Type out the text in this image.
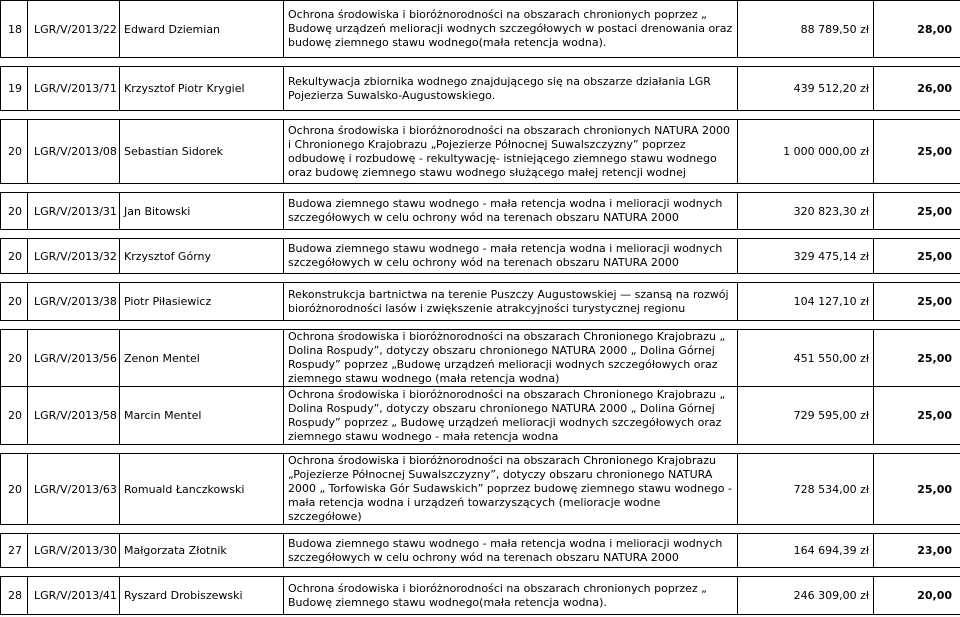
18	LGR/V/2013/22	Edward Dziemian	Ochrona środowiska i bioróżnorodności na obszarach chronionych poprzez „ Budowę urządzeń melioracji wodnych szczegółowych w postaci drenowania oraz budowę ziemnego stawu wodnego(mała retencja wodna).	88 789,50 zł	28,00

19	LGR/V/2013/71	Krzysztof Piotr Krygiel	Rekultywacja zbiornika wodnego znajdującego się na obszarze działania LGR Pojezierza Suwalsko-Augustowskiego.	439 512,20 zł	26,00

20	LGR/V/2013/08	Sebastian Sidorek	Ochrona środowiska i bioróżnorodności na obszarach chronionych NATURA 2000 i Chronionego Krajobrazu „Pojezierze Północnej Suwalszczyzny” poprzez odbudowę i rozbudowę - rekultywację- istniejącego ziemnego stawu wodnego oraz budowę ziemnego stawu wodnego służącego małej retencji wodnej	1 000 000,00 zł	25,00

20	LGR/V/2013/31	Jan Bitowski	Budowa ziemnego stawu wodnego - mała retencja wodna i melioracji wodnych szczegółowych w celu ochrony wód na terenach obszaru NATURA 2000	320 823,30 zł	25,00

20	LGR/V/2013/32	Krzysztof Górny	Budowa ziemnego stawu wodnego - mała retencja wodna i melioracji wodnych szczegółowych w celu ochrony wód na terenach obszaru NATURA 2000	329 475,14 zł	25,00

20	LGR/V/2013/38	Piotr Piłasiewicz	Rekonstrukcja bartnictwa na terenie Puszczy Augustowskiej — szansą na rozwój bioróżnorodności lasów i zwiększenie atrakcyjności turystycznej regionu	104 127,10 zł	25,00

20	LGR/V/2013/56	Zenon Mentel	Ochrona środowiska i bioróżnorodności na obszarach Chronionego Krajobrazu „ Dolina Rospudy”, dotyczy obszaru chronionego NATURA 2000 „ Dolina Górnej Rospudy” poprzez „Budowę urządzeń melioracji wodnych szczegółowych oraz ziemnego stawu wodnego (mała retencja wodna)	451 550,00 zł	25,00
20	LGR/V/2013/58	Marcin Mentel	Ochrona środowiska i bioróżnorodności na obszarach Chronionego Krajobrazu „ Dolina Rospudy”, dotyczy obszaru chronionego NATURA 2000 „ Dolina Górnej Rospudy” poprzez „ Budowę urządzeń melioracji wodnych szczegółowych oraz ziemnego stawu wodnego - mała retencja wodna	729 595,00 zł	25,00

20	LGR/V/2013/63	Romuald Łanczkowski	Ochrona środowiska i bioróżnorodności na obszarach Chronionego Krajobrazu „Pojezierze Północnej Suwalszczyzny”, dotyczy obszaru chronionego NATURA 2000 „ Torfowiska Gór Sudawskich” poprzez budowę ziemnego stawu wodnego - mała retencja wodna i urządzeń towarzyszących (melioracje wodne szczegółowe)	728 534,00 zł	25,00

27	LGR/V/2013/30	Małgorzata Złotnik	Budowa ziemnego stawu wodnego - mała retencja wodna i melioracji wodnych szczegółowych w celu ochrony wód na terenach obszaru NATURA 2000	164 694,39 zł	23,00

28	LGR/V/2013/41	Ryszard Drobiszewski	Ochrona środowiska i bioróżnorodności na obszarach chronionych poprzez „ Budowę ziemnego stawu wodnego(mała retencja wodna).	246 309,00 zł	20,00
